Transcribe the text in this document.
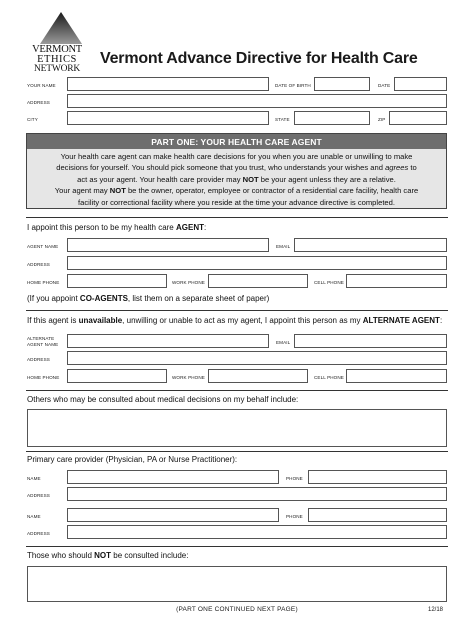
VERMONT
ETHICS
NETWORK
Vermont Advance Directive for Health Care
YOUR NAME	DATE OF BIRTH	DATE
ADDRESS
CITY	STATE	ZIP
PART ONE: YOUR HEALTH CARE AGENT
Your health care agent can make health care decisions for you when you are unable or unwilling to make
decisions for yourself. You should pick someone that you trust, who understands your wishes and agrees to
act as your agent. Your health care provider may NOT be your agent unless they are a relative.
Your agent may NOT be the owner, operator, employee or contractor of a residential care facility, health care
facility or correctional facility where you reside at the time your advance directive is completed.
I appoint this person to be my health care AGENT:
AGENT NAME	EMAIL
ADDRESS
HOME PHONE	WORK PHONE	CELL PHONE
(If you appoint CO-AGENTS, list them on a separate sheet of paper)
If this agent is unavailable, unwilling or unable to act as my agent, I appoint this person as my ALTERNATE AGENT:
ALTERNATE
AGENT NAME	EMAIL
ADDRESS
HOME PHONE	WORK PHONE	CELL PHONE
Others who may be consulted about medical decisions on my behalf include:
Primary care provider (Physician, PA or Nurse Practitioner):
NAME	PHONE
ADDRESS
NAME	PHONE
ADDRESS
Those who should NOT be consulted include:
(PART ONE CONTINUED NEXT PAGE)	12/18
